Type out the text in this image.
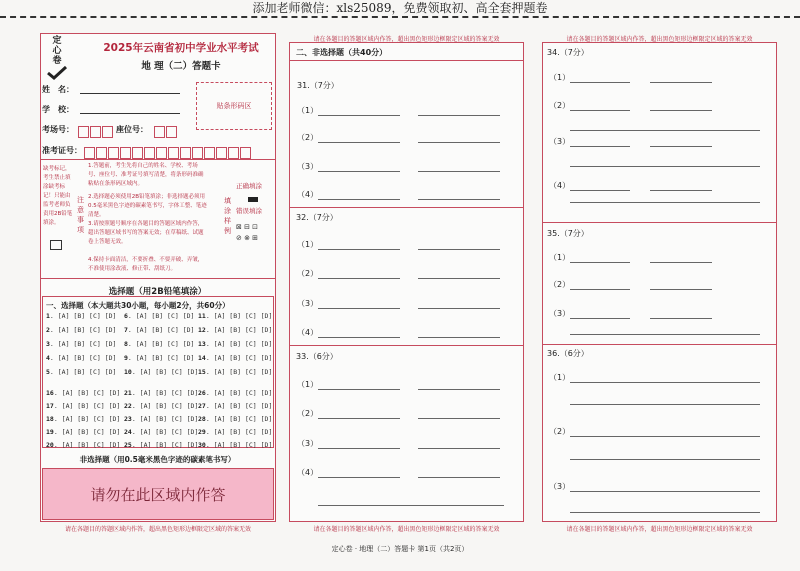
添加老师微信：xls25089，免费领取初、高全套押题卷
请在各题目的答题区域内作答，超出黑色矩形边框限定区域的答案无效
定心卷
2025年云南省初中学业水平考试
地 理（二）答题卡
姓　名：
学　校：	贴条形码区
考场号：	座位号：
准考证号：
缺考标记，考生禁止填涂缺考标记！只能由监考老师负责用2B铅笔填涂。
注意事项
1.答题前，考生先将自己的姓名、学校、考场号、座位号、准考证号填写清楚，将条形码准确粘贴在条形码区域内。
2.选择题必须使用2B铅笔填涂；非选择题必须用0.5毫米黑色字迹的碳素笔书写，字体工整、笔迹清楚。
3.请按照题号顺序在各题目的答题区域内作答，超出答题区域书写的答案无效；在草稿纸、试题卷上答题无效。
4.保持卡面清洁，不要折叠、不要弄破、弄皱，不准使用涂改液、修正带、刮纸刀。
填涂样例
正确填涂
错误填涂
⊠ ⊟ ⊡
⊘ ⊗ ⊞
选择题（用2B铅笔填涂）
一、选择题（本大题共30小题，每小题2分，共60分）
1. [A] [B] [C] [D]
2. [A] [B] [C] [D]
3. [A] [B] [C] [D]
4. [A] [B] [C] [D]
5. [A] [B] [C] [D]
6. [A] [B] [C] [D]
7. [A] [B] [C] [D]
8. [A] [B] [C] [D]
9. [A] [B] [C] [D]
10. [A] [B] [C] [D]
11. [A] [B] [C] [D]
12. [A] [B] [C] [D]
13. [A] [B] [C] [D]
14. [A] [B] [C] [D]
15. [A] [B] [C] [D]
16. [A] [B] [C] [D]
17. [A] [B] [C] [D]
18. [A] [B] [C] [D]
19. [A] [B] [C] [D]
20. [A] [B] [C] [D]
21. [A] [B] [C] [D]
22. [A] [B] [C] [D]
23. [A] [B] [C] [D]
24. [A] [B] [C] [D]
25. [A] [B] [C] [D]
26. [A] [B] [C] [D]
27. [A] [B] [C] [D]
28. [A] [B] [C] [D]
29. [A] [B] [C] [D]
30. [A] [B] [C] [D]
非选择题（用0.5毫米黑色字迹的碳素笔书写）
请勿在此区域内作答
请在各题目的答题区域内作答，超出黑色矩形边框限定区域的答案无效
请在各题目的答题区域内作答，超出黑色矩形边框限定区域的答案无效
二、非选择题（共40分）
31.（7分）
32.（7分）
33.（6分）
（1）
（2）
（3）
（4）
（1）
（2）
（3）
（4）
（1）
（2）
（3）
（4）
请在各题目的答题区域内作答，超出黑色矩形边框限定区域的答案无效
请在各题目的答题区域内作答，超出黑色矩形边框限定区域的答案无效
34.（7分）
35.（7分）
36.（6分）
（1）
（2）
（3）
（4）
（1）
（2）
（3）
（1）
（2）
（3）
定心卷 · 地理（二）答题卡 第1页（共2页）
